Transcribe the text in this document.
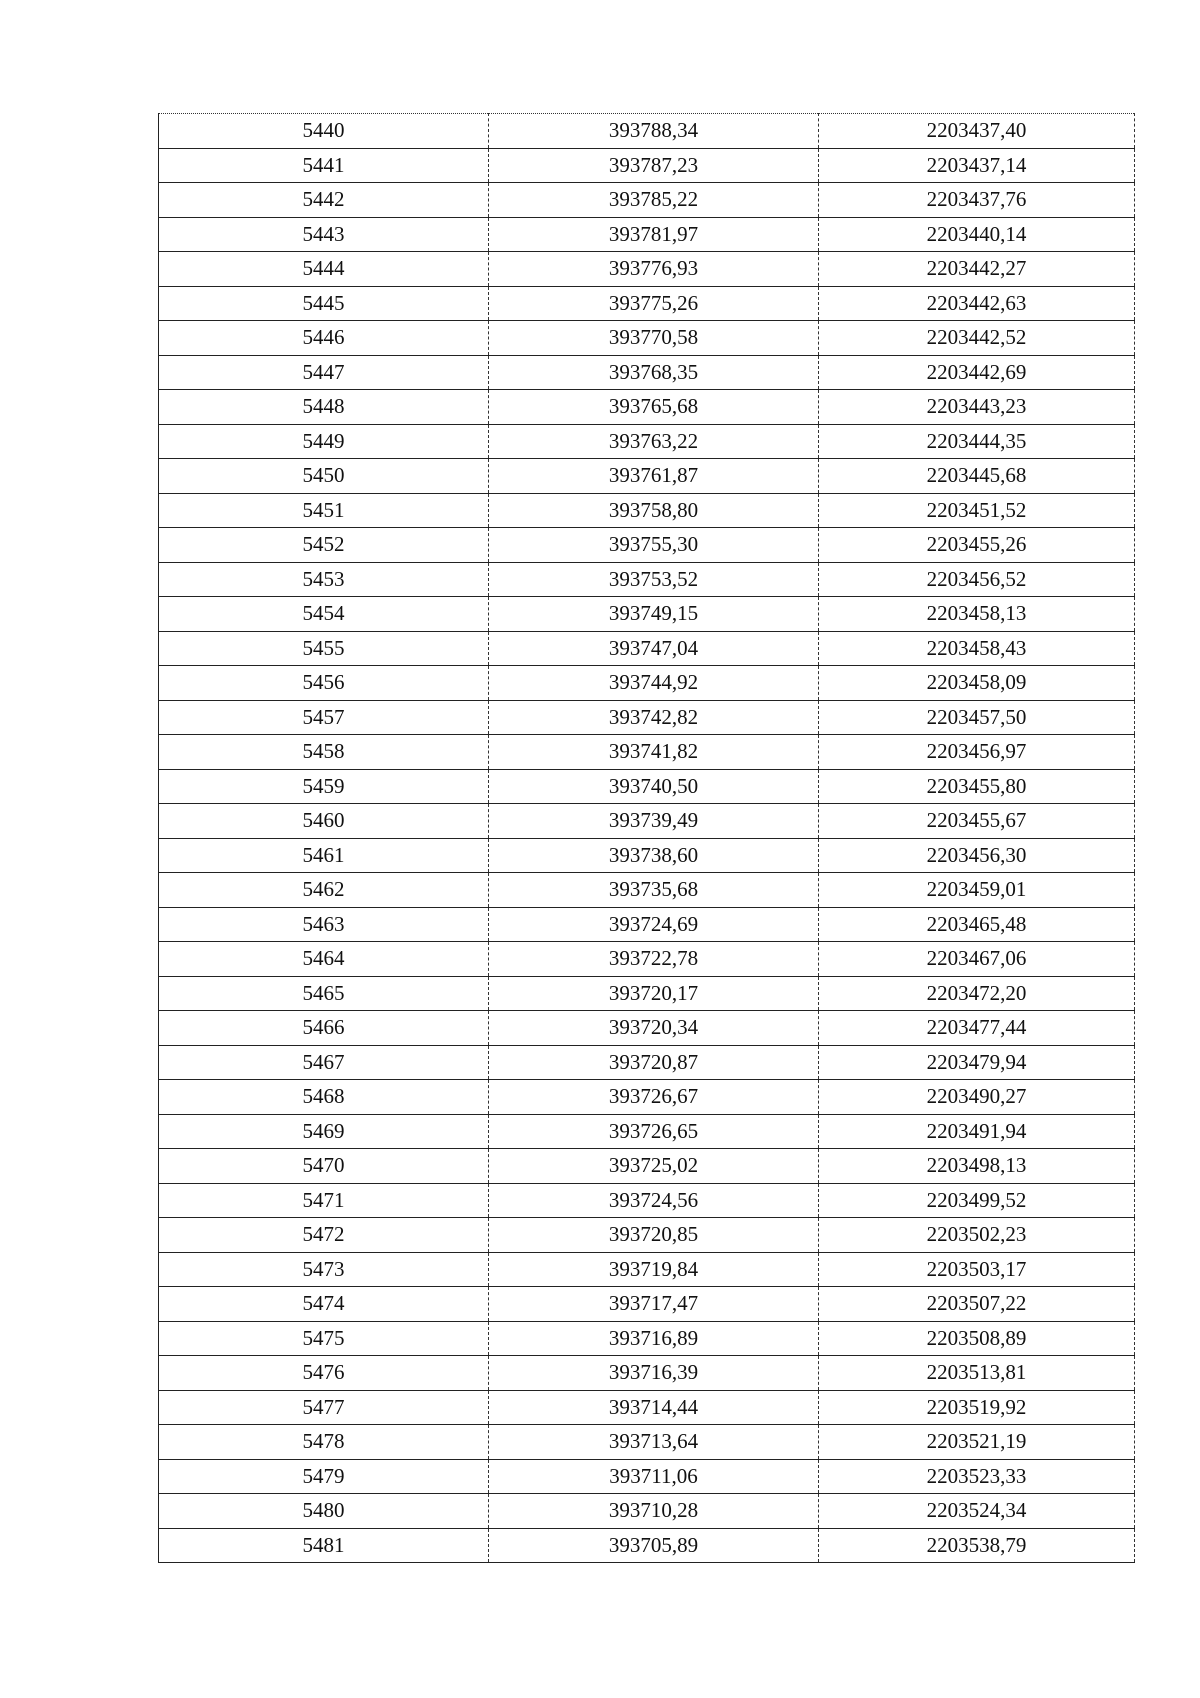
5440	393788,34	2203437,40
5441	393787,23	2203437,14
5442	393785,22	2203437,76
5443	393781,97	2203440,14
5444	393776,93	2203442,27
5445	393775,26	2203442,63
5446	393770,58	2203442,52
5447	393768,35	2203442,69
5448	393765,68	2203443,23
5449	393763,22	2203444,35
5450	393761,87	2203445,68
5451	393758,80	2203451,52
5452	393755,30	2203455,26
5453	393753,52	2203456,52
5454	393749,15	2203458,13
5455	393747,04	2203458,43
5456	393744,92	2203458,09
5457	393742,82	2203457,50
5458	393741,82	2203456,97
5459	393740,50	2203455,80
5460	393739,49	2203455,67
5461	393738,60	2203456,30
5462	393735,68	2203459,01
5463	393724,69	2203465,48
5464	393722,78	2203467,06
5465	393720,17	2203472,20
5466	393720,34	2203477,44
5467	393720,87	2203479,94
5468	393726,67	2203490,27
5469	393726,65	2203491,94
5470	393725,02	2203498,13
5471	393724,56	2203499,52
5472	393720,85	2203502,23
5473	393719,84	2203503,17
5474	393717,47	2203507,22
5475	393716,89	2203508,89
5476	393716,39	2203513,81
5477	393714,44	2203519,92
5478	393713,64	2203521,19
5479	393711,06	2203523,33
5480	393710,28	2203524,34
5481	393705,89	2203538,79
